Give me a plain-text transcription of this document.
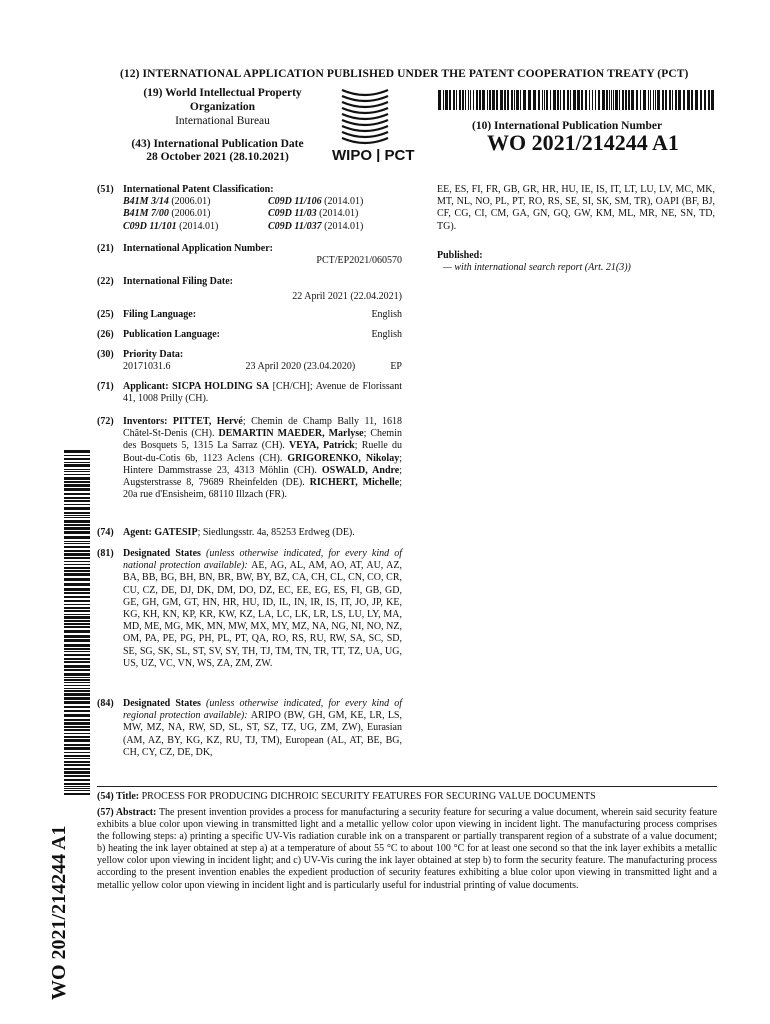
(12) INTERNATIONAL APPLICATION PUBLISHED UNDER THE PATENT COOPERATION TREATY (PCT)
(19) World Intellectual Property
Organization
International Bureau
(43) International Publication Date
28 October 2021 (28.10.2021)	WIPO | PCT
(10) International Publication Number
WO 2021/214244 A1
(51) International Patent Classification:
B41M 3/14 (2006.01)	C09D 11/106 (2014.01)
B41M 7/00 (2006.01)	C09D 11/03 (2014.01)
C09D 11/101 (2014.01)	C09D 11/037 (2014.01)
(21) International Application Number:
PCT/EP2021/060570
(22) International Filing Date:
22 April 2021 (22.04.2021)
(25) Filing Language:	English
(26) Publication Language:	English
(30) Priority Data:
20171031.6	23 April 2020 (23.04.2020)	EP
(71) Applicant: SICPA HOLDING SA [CH/CH]; Avenue de Florissant 41, 1008 Prilly (CH).
(72) Inventors: PITTET, Hervé; Chemin de Champ Bally 11, 1618 Châtel-St-Denis (CH). DEMARTIN MAEDER, Marlyse; Chemin des Bosquets 5, 1315 La Sarraz (CH). VEYA, Patrick; Ruelle du Bout-du-Cotis 6b, 1123 Aclens (CH). GRIGORENKO, Nikolay; Hintere Dammstrasse 23, 4313 Möhlin (CH). OSWALD, Andre; Augsterstrasse 8, 79689 Rheinfelden (DE). RICHERT, Michelle; 20a rue d'Ensisheim, 68110 Illzach (FR).
(74) Agent: GATESIP; Siedlungsstr. 4a, 85253 Erdweg (DE).
(81) Designated States (unless otherwise indicated, for every kind of national protection available): AE, AG, AL, AM, AO, AT, AU, AZ, BA, BB, BG, BH, BN, BR, BW, BY, BZ, CA, CH, CL, CN, CO, CR, CU, CZ, DE, DJ, DK, DM, DO, DZ, EC, EE, EG, ES, FI, GB, GD, GE, GH, GM, GT, HN, HR, HU, ID, IL, IN, IR, IS, IT, JO, JP, KE, KG, KH, KN, KP, KR, KW, KZ, LA, LC, LK, LR, LS, LU, LY, MA, MD, ME, MG, MK, MN, MW, MX, MY, MZ, NA, NG, NI, NO, NZ, OM, PA, PE, PG, PH, PL, PT, QA, RO, RS, RU, RW, SA, SC, SD, SE, SG, SK, SL, ST, SV, SY, TH, TJ, TM, TN, TR, TT, TZ, UA, UG, US, UZ, VC, VN, WS, ZA, ZM, ZW.
(84) Designated States (unless otherwise indicated, for every kind of regional protection available): ARIPO (BW, GH, GM, KE, LR, LS, MW, MZ, NA, RW, SD, SL, ST, SZ, TZ, UG, ZM, ZW), Eurasian (AM, AZ, BY, KG, KZ, RU, TJ, TM), European (AL, AT, BE, BG, CH, CY, CZ, DE, DK,
EE, ES, FI, FR, GB, GR, HR, HU, IE, IS, IT, LT, LU, LV, MC, MK, MT, NL, NO, PL, PT, RO, RS, SE, SI, SK, SM, TR), OAPI (BF, BJ, CF, CG, CI, CM, GA, GN, GQ, GW, KM, ML, MR, NE, SN, TD, TG).
Published:
— with international search report (Art. 21(3))
WO 2021/214244 A1
(54) Title: PROCESS FOR PRODUCING DICHROIC SECURITY FEATURES FOR SECURING VALUE DOCUMENTS
(57) Abstract: The present invention provides a process for manufacturing a security feature for securing a value document, wherein said security feature exhibits a blue color upon viewing in transmitted light and a metallic yellow color upon viewing in incident light. The manufacturing process comprises the following steps: a) printing a specific UV-Vis radiation curable ink on a transparent or partially transparent region of a substrate of a value document; b) heating the ink layer obtained at step a) at a temperature of about 55 °C to about 100 °C for at least one second so that the ink layer exhibits a metallic yellow color upon viewing in incident light; and c) UV-Vis curing the ink layer obtained at step b) to form the security feature. The manufacturing process according to the present invention enables the expedient production of security features exhibiting a blue color upon viewing in transmitted light and a metallic yellow color upon viewing in incident light and is particularly useful for industrial printing of value documents.
